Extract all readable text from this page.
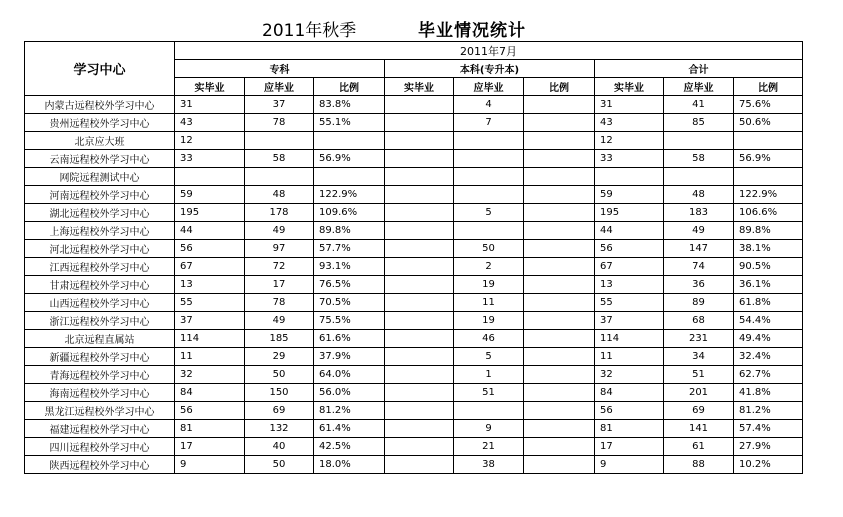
2011年秋季	毕业情况统计
学习中心	2011年7月								
	专科			本科(专升本)			合计		
	实毕业	应毕业	比例	实毕业	应毕业	比例	实毕业	应毕业	比例
内蒙古远程校外学习中心	31	37	83.8%		4		31	41	75.6%
贵州远程校外学习中心	43	78	55.1%		7		43	85	50.6%
北京应大班	12						12		
云南远程校外学习中心	33	58	56.9%				33	58	56.9%
网院远程测试中心									
河南远程校外学习中心	59	48	122.9%				59	48	122.9%
湖北远程校外学习中心	195	178	109.6%		5		195	183	106.6%
上海远程校外学习中心	44	49	89.8%				44	49	89.8%
河北远程校外学习中心	56	97	57.7%		50		56	147	38.1%
江西远程校外学习中心	67	72	93.1%		2		67	74	90.5%
甘肃远程校外学习中心	13	17	76.5%		19		13	36	36.1%
山西远程校外学习中心	55	78	70.5%		11		55	89	61.8%
浙江远程校外学习中心	37	49	75.5%		19		37	68	54.4%
北京远程直属站	114	185	61.6%		46		114	231	49.4%
新疆远程校外学习中心	11	29	37.9%		5		11	34	32.4%
青海远程校外学习中心	32	50	64.0%		1		32	51	62.7%
海南远程校外学习中心	84	150	56.0%		51		84	201	41.8%
黑龙江远程校外学习中心	56	69	81.2%				56	69	81.2%
福建远程校外学习中心	81	132	61.4%		9		81	141	57.4%
四川远程校外学习中心	17	40	42.5%		21		17	61	27.9%
陕西远程校外学习中心	9	50	18.0%		38		9	88	10.2%
